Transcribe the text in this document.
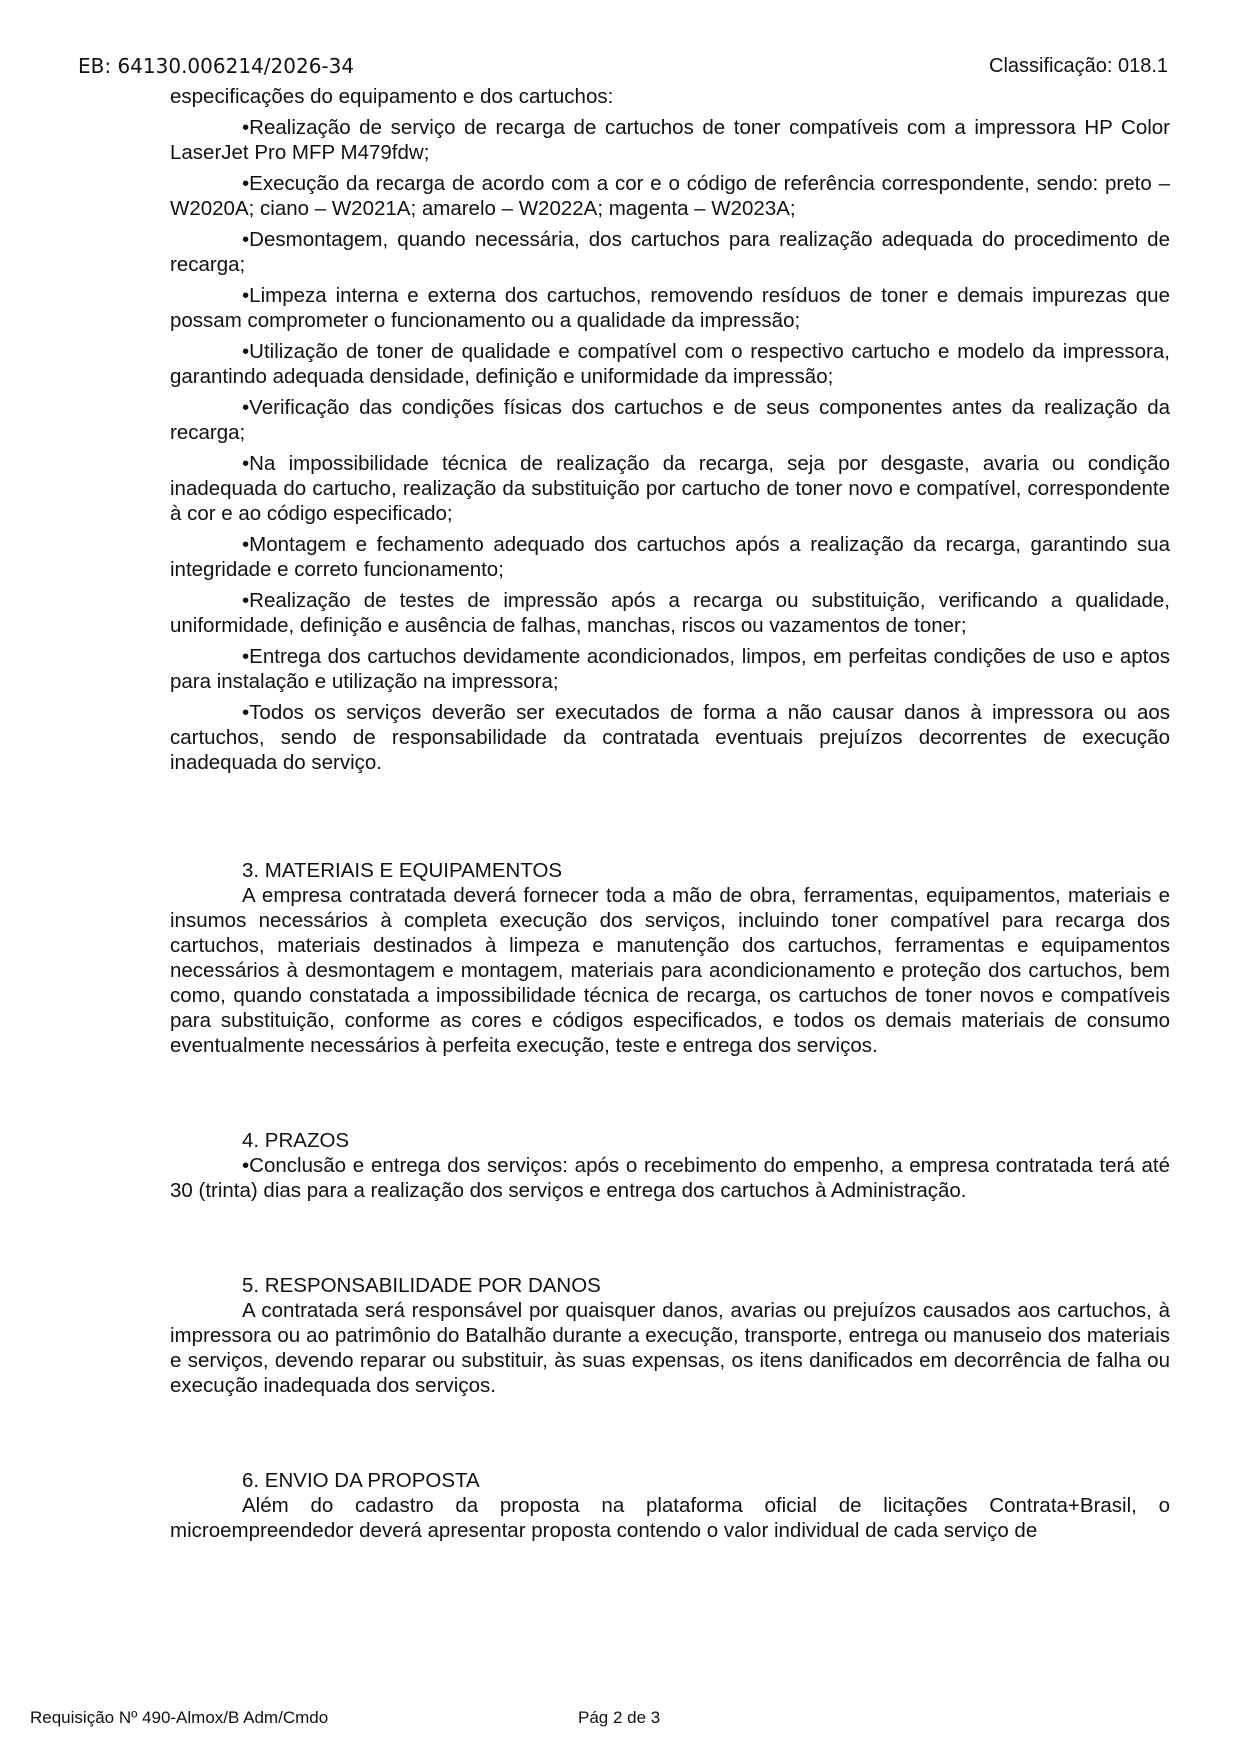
EB: 64130.006214/2026-34	Classificação: 018.1

especificações do equipamento e dos cartuchos:

•Realização de serviço de recarga de cartuchos de toner compatíveis com a impressora HP Color LaserJet Pro MFP M479fdw;

•Execução da recarga de acordo com a cor e o código de referência correspondente, sendo: preto – W2020A; ciano – W2021A; amarelo – W2022A; magenta – W2023A;

•Desmontagem, quando necessária, dos cartuchos para realização adequada do procedimento de recarga;

•Limpeza interna e externa dos cartuchos, removendo resíduos de toner e demais impurezas que possam comprometer o funcionamento ou a qualidade da impressão;

•Utilização de toner de qualidade e compatível com o respectivo cartucho e modelo da impressora, garantindo adequada densidade, definição e uniformidade da impressão;

•Verificação das condições físicas dos cartuchos e de seus componentes antes da realização da recarga;

•Na impossibilidade técnica de realização da recarga, seja por desgaste, avaria ou condição inadequada do cartucho, realização da substituição por cartucho de toner novo e compatível, correspondente à cor e ao código especificado;

•Montagem e fechamento adequado dos cartuchos após a realização da recarga, garantindo sua integridade e correto funcionamento;

•Realização de testes de impressão após a recarga ou substituição, verificando a qualidade, uniformidade, definição e ausência de falhas, manchas, riscos ou vazamentos de toner;

•Entrega dos cartuchos devidamente acondicionados, limpos, em perfeitas condições de uso e aptos para instalação e utilização na impressora;

•Todos os serviços deverão ser executados de forma a não causar danos à impressora ou aos cartuchos, sendo de responsabilidade da contratada eventuais prejuízos decorrentes de execução inadequada do serviço.

3. MATERIAIS E EQUIPAMENTOS

A empresa contratada deverá fornecer toda a mão de obra, ferramentas, equipamentos, materiais e insumos necessários à completa execução dos serviços, incluindo toner compatível para recarga dos cartuchos, materiais destinados à limpeza e manutenção dos cartuchos, ferramentas e equipamentos necessários à desmontagem e montagem, materiais para acondicionamento e proteção dos cartuchos, bem como, quando constatada a impossibilidade técnica de recarga, os cartuchos de toner novos e compatíveis para substituição, conforme as cores e códigos especificados, e todos os demais materiais de consumo eventualmente necessários à perfeita execução, teste e entrega dos serviços.

4. PRAZOS

•Conclusão e entrega dos serviços: após o recebimento do empenho, a empresa contratada terá até 30 (trinta) dias para a realização dos serviços e entrega dos cartuchos à Administração.

5. RESPONSABILIDADE POR DANOS

A contratada será responsável por quaisquer danos, avarias ou prejuízos causados aos cartuchos, à impressora ou ao patrimônio do Batalhão durante a execução, transporte, entrega ou manuseio dos materiais e serviços, devendo reparar ou substituir, às suas expensas, os itens danificados em decorrência de falha ou execução inadequada dos serviços.

6. ENVIO DA PROPOSTA

Além do cadastro da proposta na plataforma oficial de licitações Contrata+Brasil, o microempreendedor deverá apresentar proposta contendo o valor individual de cada serviço de

Requisição Nº 490-Almox/B Adm/Cmdo	Pág 2 de 3
